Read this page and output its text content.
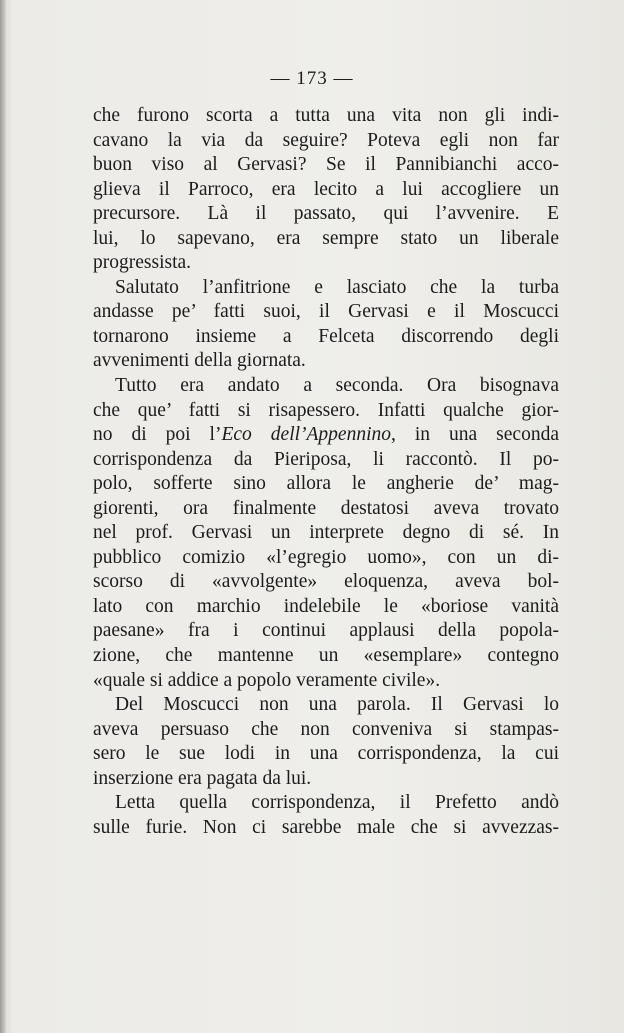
— 173 —
che furono scorta a tutta una vita non gli indi-
cavano la via da seguire? Poteva egli non far
buon viso al Gervasi? Se il Pannibianchi acco-
glieva il Parroco, era lecito a lui accogliere un
precursore. Là il passato, qui l’avvenire. E
lui, lo sapevano, era sempre stato un liberale
progressista.
Salutato l’anfitrione e lasciato che la turba
andasse pe’ fatti suoi, il Gervasi e il Moscucci
tornarono insieme a Felceta discorrendo degli
avvenimenti della giornata.
Tutto era andato a seconda. Ora bisognava
che que’ fatti si risapessero. Infatti qualche gior-
no di poi l’Eco dell’Appennino, in una seconda
corrispondenza da Pieriposa, li raccontò. Il po-
polo, sofferte sino allora le angherie de’ mag-
giorenti, ora finalmente destatosi aveva trovato
nel prof. Gervasi un interprete degno di sé. In
pubblico comizio «l’egregio uomo», con un di-
scorso di «avvolgente» eloquenza, aveva bol-
lato con marchio indelebile le «boriose vanità
paesane» fra i continui applausi della popola-
zione, che mantenne un «esemplare» contegno
«quale si addice a popolo veramente civile».
Del Moscucci non una parola. Il Gervasi lo
aveva persuaso che non conveniva si stampas-
sero le sue lodi in una corrispondenza, la cui
inserzione era pagata da lui.
Letta quella corrispondenza, il Prefetto andò
sulle furie. Non ci sarebbe male che si avvezzas-
